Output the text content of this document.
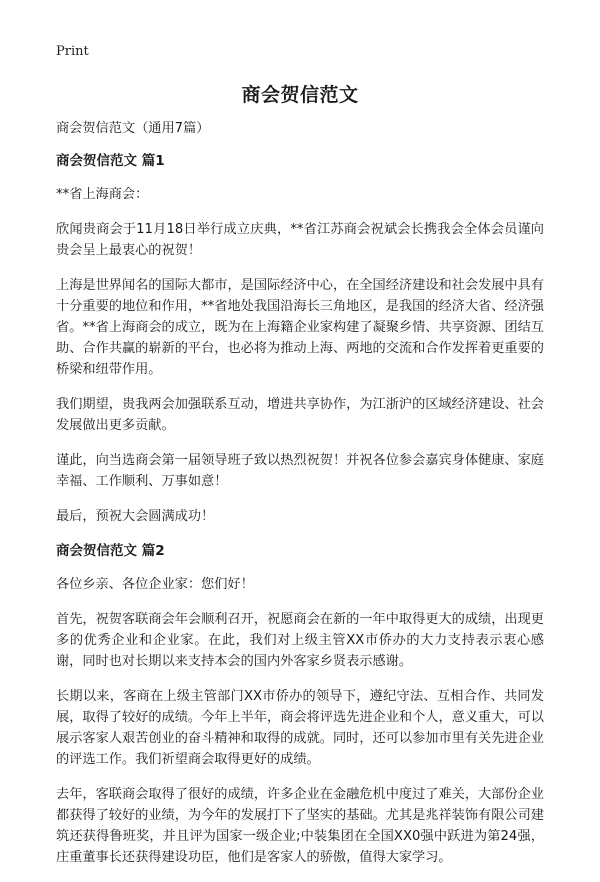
Print
商会贺信范文

商会贺信范文（通用7篇）

商会贺信范文 篇1

**省上海商会：

欣闻贵商会于11月18日举行成立庆典，**省江苏商会祝斌会长携我会全体会员谨向贵会呈上最衷心的祝贺！

上海是世界闻名的国际大都市，是国际经济中心，在全国经济建设和社会发展中具有十分重要的地位和作用，**省地处我国沿海长三角地区，是我国的经济大省、经济强省。**省上海商会的成立，既为在上海籍企业家构建了凝聚乡情、共享资源、团结互助、合作共赢的崭新的平台，也必将为推动上海、两地的交流和合作发挥着更重要的桥梁和纽带作用。

我们期望，贵我两会加强联系互动，增进共享协作，为江浙沪的区域经济建设、社会发展做出更多贡献。

谨此，向当选商会第一届领导班子致以热烈祝贺！并祝各位参会嘉宾身体健康、家庭幸福、工作顺利、万事如意！

最后，预祝大会圆满成功！

商会贺信范文 篇2

各位乡亲、各位企业家：您们好！

首先，祝贺客联商会年会顺利召开，祝愿商会在新的一年中取得更大的成绩，出现更多的优秀企业和企业家。在此，我们对上级主管XX市侨办的大力支持表示衷心感谢，同时也对长期以来支持本会的国内外客家乡贤表示感谢。

长期以来，客商在上级主管部门XX市侨办的领导下，遵纪守法、互相合作、共同发展，取得了较好的成绩。今年上半年，商会将评选先进企业和个人，意义重大，可以展示客家人艰苦创业的奋斗精神和取得的成就。同时，还可以参加市里有关先进企业的评选工作。我们祈望商会取得更好的成绩。

去年，客联商会取得了很好的成绩，许多企业在金融危机中度过了难关，大部份企业都获得了较好的业绩，为今年的发展打下了坚实的基础。尤其是兆祥装饰有限公司建筑还获得鲁班奖，并且评为国家一级企业;中装集团在全国XX0强中跃进为第24强，庄重董事长还获得建设功臣，他们是客家人的骄傲，值得大家学习。
